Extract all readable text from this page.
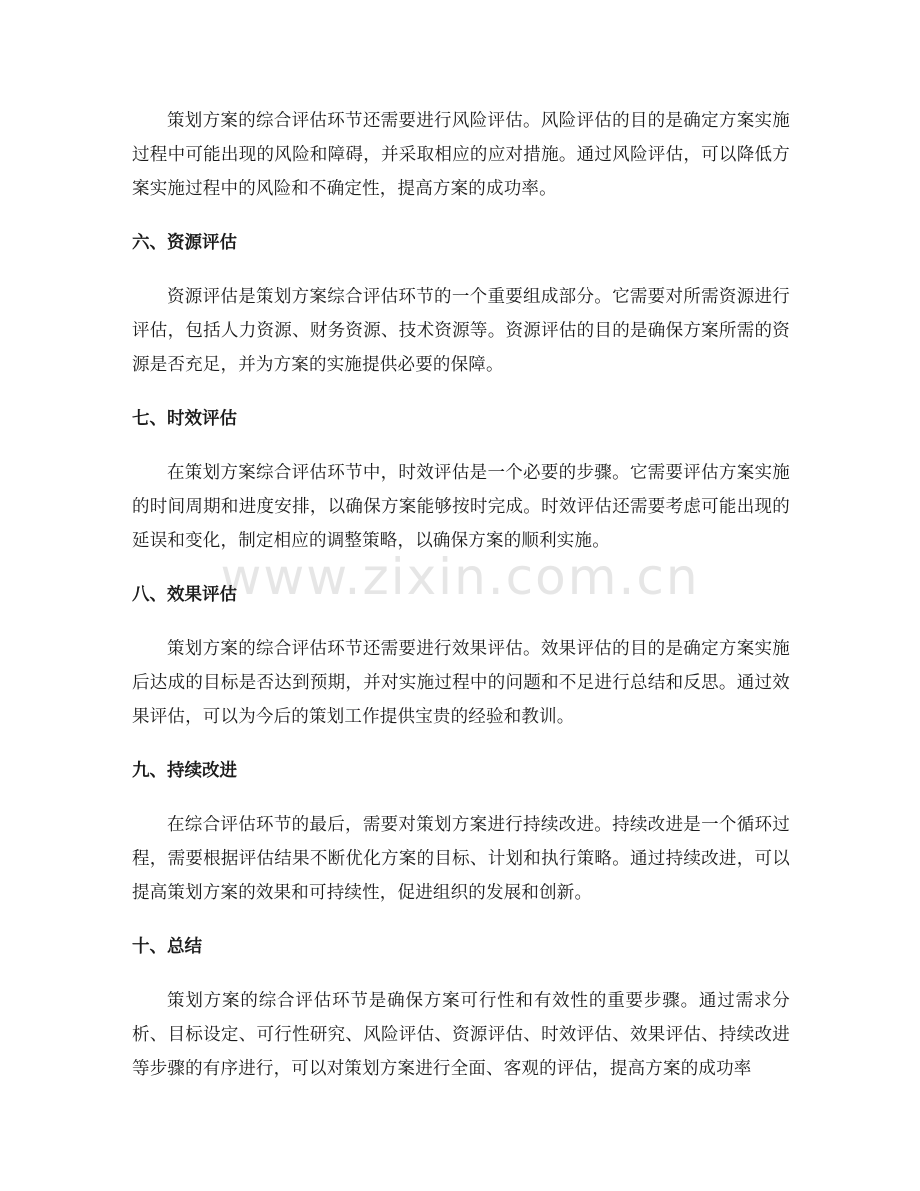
www.zixin.com.cn

策划方案的综合评估环节还需要进行风险评估。风险评估的目的是确定方案实施过程中可能出现的风险和障碍，并采取相应的应对措施。通过风险评估，可以降低方案实施过程中的风险和不确定性，提高方案的成功率。

六、资源评估

资源评估是策划方案综合评估环节的一个重要组成部分。它需要对所需资源进行评估，包括人力资源、财务资源、技术资源等。资源评估的目的是确保方案所需的资源是否充足，并为方案的实施提供必要的保障。

七、时效评估

在策划方案综合评估环节中，时效评估是一个必要的步骤。它需要评估方案实施的时间周期和进度安排，以确保方案能够按时完成。时效评估还需要考虑可能出现的延误和变化，制定相应的调整策略，以确保方案的顺利实施。

八、效果评估

策划方案的综合评估环节还需要进行效果评估。效果评估的目的是确定方案实施后达成的目标是否达到预期，并对实施过程中的问题和不足进行总结和反思。通过效果评估，可以为今后的策划工作提供宝贵的经验和教训。

九、持续改进

在综合评估环节的最后，需要对策划方案进行持续改进。持续改进是一个循环过程，需要根据评估结果不断优化方案的目标、计划和执行策略。通过持续改进，可以提高策划方案的效果和可持续性，促进组织的发展和创新。

十、总结

策划方案的综合评估环节是确保方案可行性和有效性的重要步骤。通过需求分析、目标设定、可行性研究、风险评估、资源评估、时效评估、效果评估、持续改进等步骤的有序进行，可以对策划方案进行全面、客观的评估，提高方案的成功率
